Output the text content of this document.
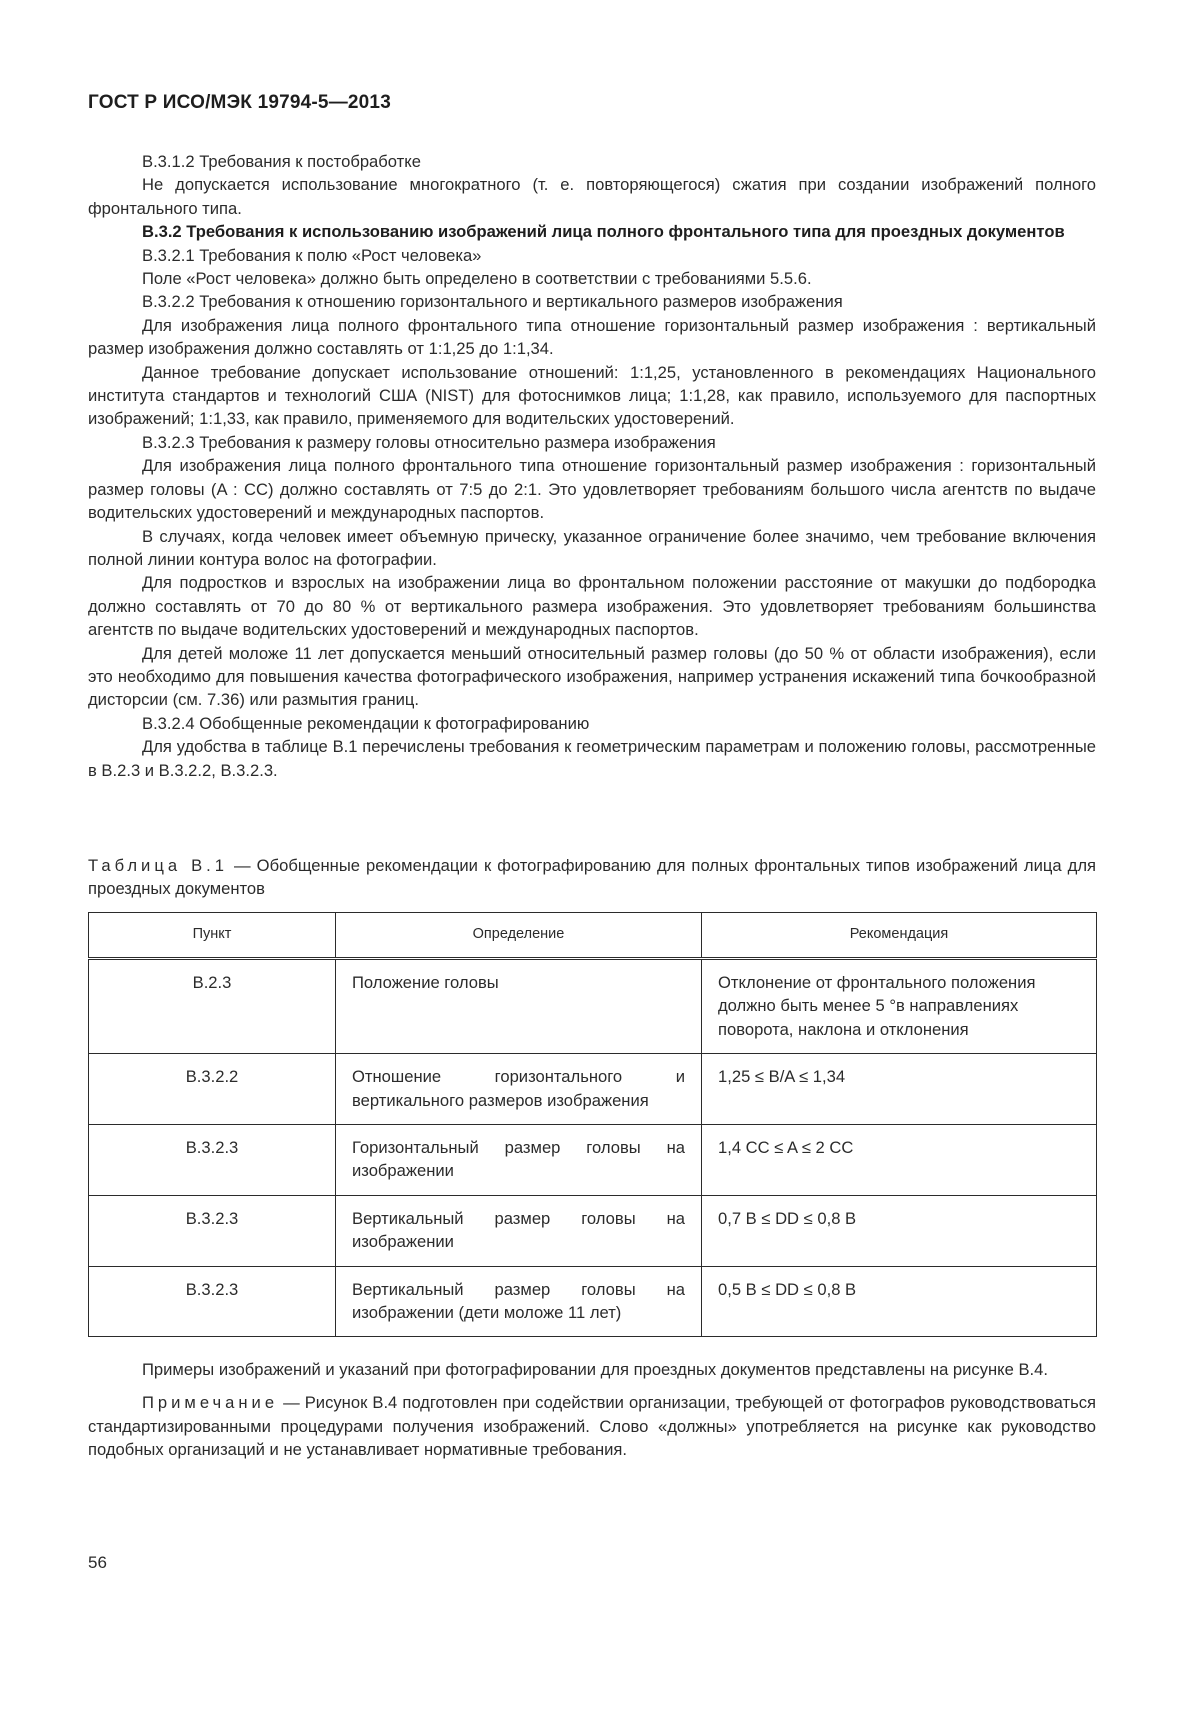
ГОСТ Р ИСО/МЭК 19794-5—2013

В.3.1.2 Требования к постобработке

Не допускается использование многократного (т. е. повторяющегося) сжатия при создании изображений полного фронтального типа.

В.3.2 Требования к использованию изображений лица полного фронтального типа для проездных документов

В.3.2.1 Требования к полю «Рост человека»

Поле «Рост человека» должно быть определено в соответствии с требованиями 5.5.6.

В.3.2.2 Требования к отношению горизонтального и вертикального размеров изображения

Для изображения лица полного фронтального типа отношение горизонтальный размер изображения : вертикальный размер изображения должно составлять от 1:1,25 до 1:1,34.

Данное требование допускает использование отношений: 1:1,25, установленного в рекомендациях Национального института стандартов и технологий США (NIST) для фотоснимков лица; 1:1,28, как правило, используемого для паспортных изображений; 1:1,33, как правило, применяемого для водительских удостоверений.

В.3.2.3 Требования к размеру головы относительно размера изображения

Для изображения лица полного фронтального типа отношение горизонтальный размер изображения : горизонтальный размер головы (A : CC) должно составлять от 7:5 до 2:1. Это удовлетворяет требованиям большого числа агентств по выдаче водительских удостоверений и международных паспортов.

В случаях, когда человек имеет объемную прическу, указанное ограничение более значимо, чем требование включения полной линии контура волос на фотографии.

Для подростков и взрослых на изображении лица во фронтальном положении расстояние от макушки до подбородка должно составлять от 70 до 80 % от вертикального размера изображения. Это удовлетворяет требованиям большинства агентств по выдаче водительских удостоверений и международных паспортов.

Для детей моложе 11 лет допускается меньший относительный размер головы (до 50 % от области изображения), если это необходимо для повышения качества фотографического изображения, например устранения искажений типа бочкообразной дисторсии (см. 7.36) или размытия границ.

В.3.2.4 Обобщенные рекомендации к фотографированию

Для удобства в таблице В.1 перечислены требования к геометрическим параметрам и положению головы, рассмотренные в В.2.3 и В.3.2.2, В.3.2.3.

Таблица В.1 — Обобщенные рекомендации к фотографированию для полных фронтальных типов изображений лица для проездных документов
Пункт	Определение	Рекомендация
В.2.3	Положение головы	Отклонение от фронтального положения должно быть менее 5 °в направлениях поворота, наклона и отклонения
В.3.2.2	Отношение горизонтального и вертикального размеров изображения	1,25 ≤ B/A ≤ 1,34
В.3.2.3	Горизонтальный размер головы на изображении	1,4 CC ≤ A ≤ 2 CC
В.3.2.3	Вертикальный размер головы на изображении	0,7 B ≤ DD ≤ 0,8 B
В.3.2.3	Вертикальный размер головы на изображении (дети моложе 11 лет)	0,5 B ≤ DD ≤ 0,8 B

Примеры изображений и указаний при фотографировании для проездных документов представлены на рисунке В.4.

Примечание — Рисунок В.4 подготовлен при содействии организации, требующей от фотографов руководствоваться стандартизированными процедурами получения изображений. Слово «должны» употребляется на рисунке как руководство подобных организаций и не устанавливает нормативные требования.

56
